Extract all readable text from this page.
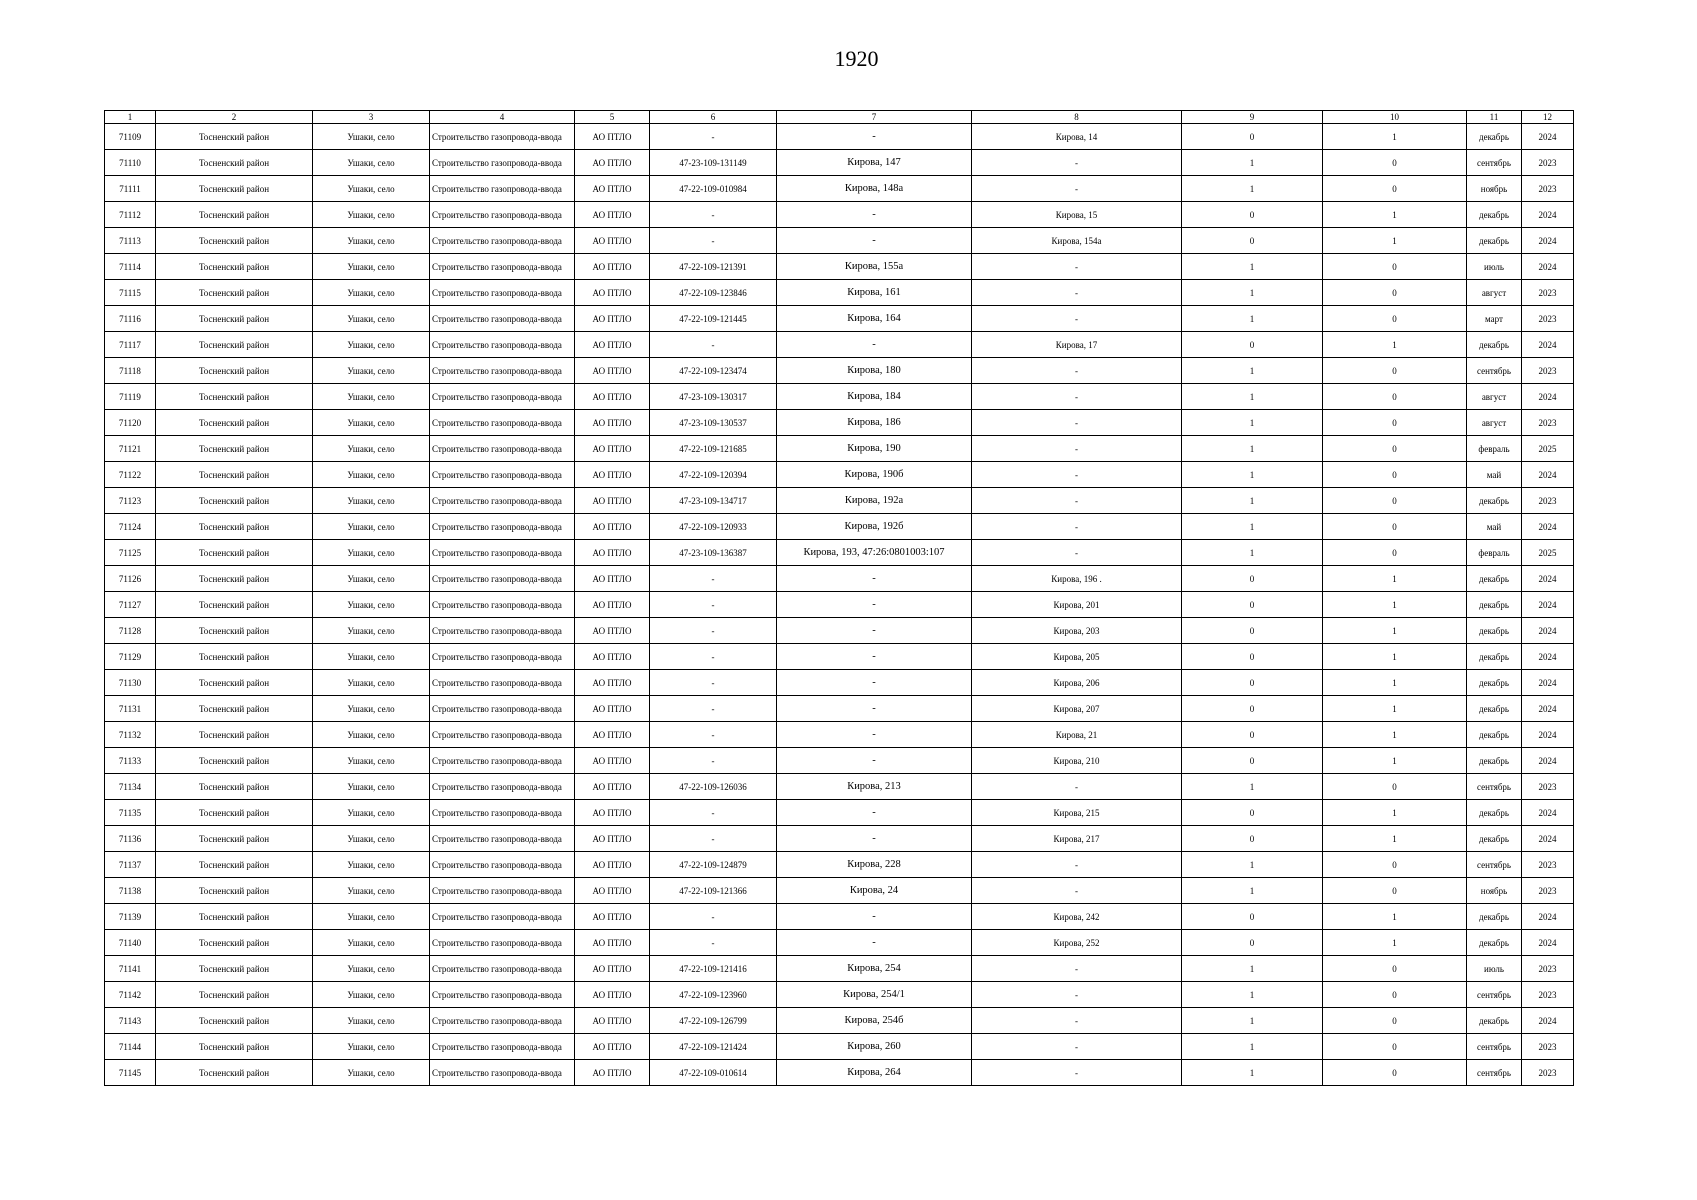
1920
1	2	3	4	5	6	7	8	9	10	11	12
71109	Тосненский район	Ушаки, село	Строительство газопровода-ввода	АО ПТЛО	-	-	Кирова, 14	0	1	декабрь	2024
71110	Тосненский район	Ушаки, село	Строительство газопровода-ввода	АО ПТЛО	47-23-109-131149	Кирова, 147	-	1	0	сентябрь	2023
71111	Тосненский район	Ушаки, село	Строительство газопровода-ввода	АО ПТЛО	47-22-109-010984	Кирова, 148а	-	1	0	ноябрь	2023
71112	Тосненский район	Ушаки, село	Строительство газопровода-ввода	АО ПТЛО	-	-	Кирова, 15	0	1	декабрь	2024
71113	Тосненский район	Ушаки, село	Строительство газопровода-ввода	АО ПТЛО	-	-	Кирова, 154а	0	1	декабрь	2024
71114	Тосненский район	Ушаки, село	Строительство газопровода-ввода	АО ПТЛО	47-22-109-121391	Кирова, 155а	-	1	0	июль	2024
71115	Тосненский район	Ушаки, село	Строительство газопровода-ввода	АО ПТЛО	47-22-109-123846	Кирова, 161	-	1	0	август	2023
71116	Тосненский район	Ушаки, село	Строительство газопровода-ввода	АО ПТЛО	47-22-109-121445	Кирова, 164	-	1	0	март	2023
71117	Тосненский район	Ушаки, село	Строительство газопровода-ввода	АО ПТЛО	-	-	Кирова, 17	0	1	декабрь	2024
71118	Тосненский район	Ушаки, село	Строительство газопровода-ввода	АО ПТЛО	47-22-109-123474	Кирова, 180	-	1	0	сентябрь	2023
71119	Тосненский район	Ушаки, село	Строительство газопровода-ввода	АО ПТЛО	47-23-109-130317	Кирова, 184	-	1	0	август	2024
71120	Тосненский район	Ушаки, село	Строительство газопровода-ввода	АО ПТЛО	47-23-109-130537	Кирова, 186	-	1	0	август	2023
71121	Тосненский район	Ушаки, село	Строительство газопровода-ввода	АО ПТЛО	47-22-109-121685	Кирова, 190	-	1	0	февраль	2025
71122	Тосненский район	Ушаки, село	Строительство газопровода-ввода	АО ПТЛО	47-22-109-120394	Кирова, 190б	-	1	0	май	2024
71123	Тосненский район	Ушаки, село	Строительство газопровода-ввода	АО ПТЛО	47-23-109-134717	Кирова, 192а	-	1	0	декабрь	2023
71124	Тосненский район	Ушаки, село	Строительство газопровода-ввода	АО ПТЛО	47-22-109-120933	Кирова, 192б	-	1	0	май	2024
71125	Тосненский район	Ушаки, село	Строительство газопровода-ввода	АО ПТЛО	47-23-109-136387	Кирова, 193, 47:26:0801003:107	-	1	0	февраль	2025
71126	Тосненский район	Ушаки, село	Строительство газопровода-ввода	АО ПТЛО	-	-	Кирова, 196 .	0	1	декабрь	2024
71127	Тосненский район	Ушаки, село	Строительство газопровода-ввода	АО ПТЛО	-	-	Кирова, 201	0	1	декабрь	2024
71128	Тосненский район	Ушаки, село	Строительство газопровода-ввода	АО ПТЛО	-	-	Кирова, 203	0	1	декабрь	2024
71129	Тосненский район	Ушаки, село	Строительство газопровода-ввода	АО ПТЛО	-	-	Кирова, 205	0	1	декабрь	2024
71130	Тосненский район	Ушаки, село	Строительство газопровода-ввода	АО ПТЛО	-	-	Кирова, 206	0	1	декабрь	2024
71131	Тосненский район	Ушаки, село	Строительство газопровода-ввода	АО ПТЛО	-	-	Кирова, 207	0	1	декабрь	2024
71132	Тосненский район	Ушаки, село	Строительство газопровода-ввода	АО ПТЛО	-	-	Кирова, 21	0	1	декабрь	2024
71133	Тосненский район	Ушаки, село	Строительство газопровода-ввода	АО ПТЛО	-	-	Кирова, 210	0	1	декабрь	2024
71134	Тосненский район	Ушаки, село	Строительство газопровода-ввода	АО ПТЛО	47-22-109-126036	Кирова, 213	-	1	0	сентябрь	2023
71135	Тосненский район	Ушаки, село	Строительство газопровода-ввода	АО ПТЛО	-	-	Кирова, 215	0	1	декабрь	2024
71136	Тосненский район	Ушаки, село	Строительство газопровода-ввода	АО ПТЛО	-	-	Кирова, 217	0	1	декабрь	2024
71137	Тосненский район	Ушаки, село	Строительство газопровода-ввода	АО ПТЛО	47-22-109-124879	Кирова, 228	-	1	0	сентябрь	2023
71138	Тосненский район	Ушаки, село	Строительство газопровода-ввода	АО ПТЛО	47-22-109-121366	Кирова, 24	-	1	0	ноябрь	2023
71139	Тосненский район	Ушаки, село	Строительство газопровода-ввода	АО ПТЛО	-	-	Кирова, 242	0	1	декабрь	2024
71140	Тосненский район	Ушаки, село	Строительство газопровода-ввода	АО ПТЛО	-	-	Кирова, 252	0	1	декабрь	2024
71141	Тосненский район	Ушаки, село	Строительство газопровода-ввода	АО ПТЛО	47-22-109-121416	Кирова, 254	-	1	0	июль	2023
71142	Тосненский район	Ушаки, село	Строительство газопровода-ввода	АО ПТЛО	47-22-109-123960	Кирова, 254/1	-	1	0	сентябрь	2023
71143	Тосненский район	Ушаки, село	Строительство газопровода-ввода	АО ПТЛО	47-22-109-126799	Кирова, 254б	-	1	0	декабрь	2024
71144	Тосненский район	Ушаки, село	Строительство газопровода-ввода	АО ПТЛО	47-22-109-121424	Кирова, 260	-	1	0	сентябрь	2023
71145	Тосненский район	Ушаки, село	Строительство газопровода-ввода	АО ПТЛО	47-22-109-010614	Кирова, 264	-	1	0	сентябрь	2023
